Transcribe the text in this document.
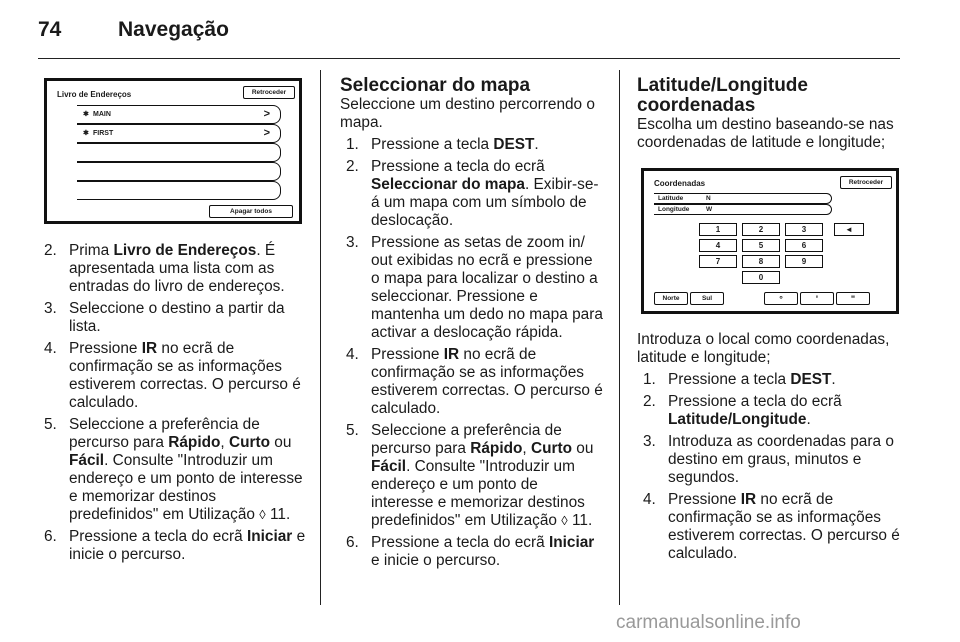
74	Navegação
Livro de Endereços	Retroceder
✱ MAIN	>
✱ FIRST	>
Apagar todos
2. Prima Livro de Endereços. É apresentada uma lista com as entradas do livro de endereços.
3. Seleccione o destino a partir da lista.
4. Pressione IR no ecrã de confirmação se as informações estiverem correctas. O percurso é calculado.
5. Seleccione a preferência de percurso para Rápido, Curto ou Fácil. Consulte "Introduzir um endereço e um ponto de interesse e memorizar destinos predefinidos" em Utilização ◊ 11.
6. Pressione a tecla do ecrã Iniciar e inicie o percurso.
Seleccionar do mapa

Seleccione um destino percorrendo o mapa.

1. Pressione a tecla DEST.
2. Pressione a tecla do ecrã Seleccionar do mapa. Exibir-se-á um mapa com um símbolo de deslocação.
3. Pressione as setas de zoom in/ out exibidas no ecrã e pressione o mapa para localizar o destino a seleccionar. Pressione e mantenha um dedo no mapa para activar a deslocação rápida.
4. Pressione IR no ecrã de confirmação se as informações estiverem correctas. O percurso é calculado.
5. Seleccione a preferência de percurso para Rápido, Curto ou Fácil. Consulte "Introduzir um endereço e um ponto de interesse e memorizar destinos predefinidos" em Utilização ◊ 11.
6. Pressione a tecla do ecrã Iniciar e inicie o percurso.
Latitude/Longitude
coordenadas

Escolha um destino baseando-se nas coordenadas de latitude e longitude;

Coordenadas	Retroceder
Latitude	N
Longitude	W
1	2	3	◄
4	5	6
7	8	9
0
Norte	Sul	°	'	"

Introduza o local como coordenadas, latitude e longitude;

1. Pressione a tecla DEST.
2. Pressione a tecla do ecrã Latitude/Longitude.
3. Introduza as coordenadas para o destino em graus, minutos e segundos.
4. Pressione IR no ecrã de confirmação se as informações estiverem correctas. O percurso é calculado.
carmanualsonline.info
